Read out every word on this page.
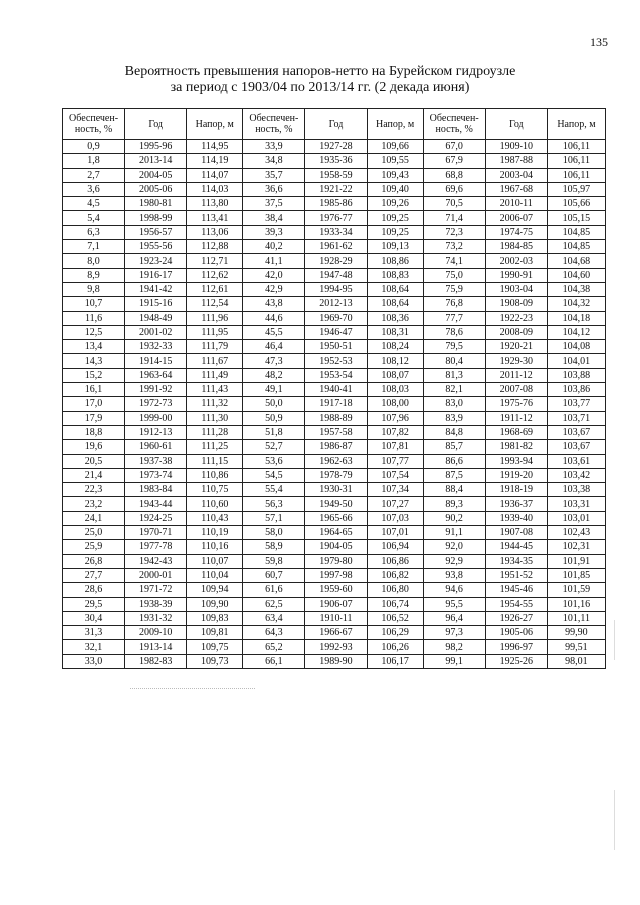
135
Вероятность превышения напоров-нетто на Бурейском гидроузле
за период с 1903/04 по 2013/14 гг. (2 декада июня)
Обеспечен-ность, %	Год	Напор, м	Обеспечен-ность, %	Год	Напор, м	Обеспечен-ность, %	Год	Напор, м
0,9	1995-96	114,95	33,9	1927-28	109,66	67,0	1909-10	106,11
1,8	2013-14	114,19	34,8	1935-36	109,55	67,9	1987-88	106,11
2,7	2004-05	114,07	35,7	1958-59	109,43	68,8	2003-04	106,11
3,6	2005-06	114,03	36,6	1921-22	109,40	69,6	1967-68	105,97
4,5	1980-81	113,80	37,5	1985-86	109,26	70,5	2010-11	105,66
5,4	1998-99	113,41	38,4	1976-77	109,25	71,4	2006-07	105,15
6,3	1956-57	113,06	39,3	1933-34	109,25	72,3	1974-75	104,85
7,1	1955-56	112,88	40,2	1961-62	109,13	73,2	1984-85	104,85
8,0	1923-24	112,71	41,1	1928-29	108,86	74,1	2002-03	104,68
8,9	1916-17	112,62	42,0	1947-48	108,83	75,0	1990-91	104,60
9,8	1941-42	112,61	42,9	1994-95	108,64	75,9	1903-04	104,38
10,7	1915-16	112,54	43,8	2012-13	108,64	76,8	1908-09	104,32
11,6	1948-49	111,96	44,6	1969-70	108,36	77,7	1922-23	104,18
12,5	2001-02	111,95	45,5	1946-47	108,31	78,6	2008-09	104,12
13,4	1932-33	111,79	46,4	1950-51	108,24	79,5	1920-21	104,08
14,3	1914-15	111,67	47,3	1952-53	108,12	80,4	1929-30	104,01
15,2	1963-64	111,49	48,2	1953-54	108,07	81,3	2011-12	103,88
16,1	1991-92	111,43	49,1	1940-41	108,03	82,1	2007-08	103,86
17,0	1972-73	111,32	50,0	1917-18	108,00	83,0	1975-76	103,77
17,9	1999-00	111,30	50,9	1988-89	107,96	83,9	1911-12	103,71
18,8	1912-13	111,28	51,8	1957-58	107,82	84,8	1968-69	103,67
19,6	1960-61	111,25	52,7	1986-87	107,81	85,7	1981-82	103,67
20,5	1937-38	111,15	53,6	1962-63	107,77	86,6	1993-94	103,61
21,4	1973-74	110,86	54,5	1978-79	107,54	87,5	1919-20	103,42
22,3	1983-84	110,75	55,4	1930-31	107,34	88,4	1918-19	103,38
23,2	1943-44	110,60	56,3	1949-50	107,27	89,3	1936-37	103,31
24,1	1924-25	110,43	57,1	1965-66	107,03	90,2	1939-40	103,01
25,0	1970-71	110,19	58,0	1964-65	107,01	91,1	1907-08	102,43
25,9	1977-78	110,16	58,9	1904-05	106,94	92,0	1944-45	102,31
26,8	1942-43	110,07	59,8	1979-80	106,86	92,9	1934-35	101,91
27,7	2000-01	110,04	60,7	1997-98	106,82	93,8	1951-52	101,85
28,6	1971-72	109,94	61,6	1959-60	106,80	94,6	1945-46	101,59
29,5	1938-39	109,90	62,5	1906-07	106,74	95,5	1954-55	101,16
30,4	1931-32	109,83	63,4	1910-11	106,52	96,4	1926-27	101,11
31,3	2009-10	109,81	64,3	1966-67	106,29	97,3	1905-06	99,90
32,1	1913-14	109,75	65,2	1992-93	106,26	98,2	1996-97	99,51
33,0	1982-83	109,73	66,1	1989-90	106,17	99,1	1925-26	98,01
